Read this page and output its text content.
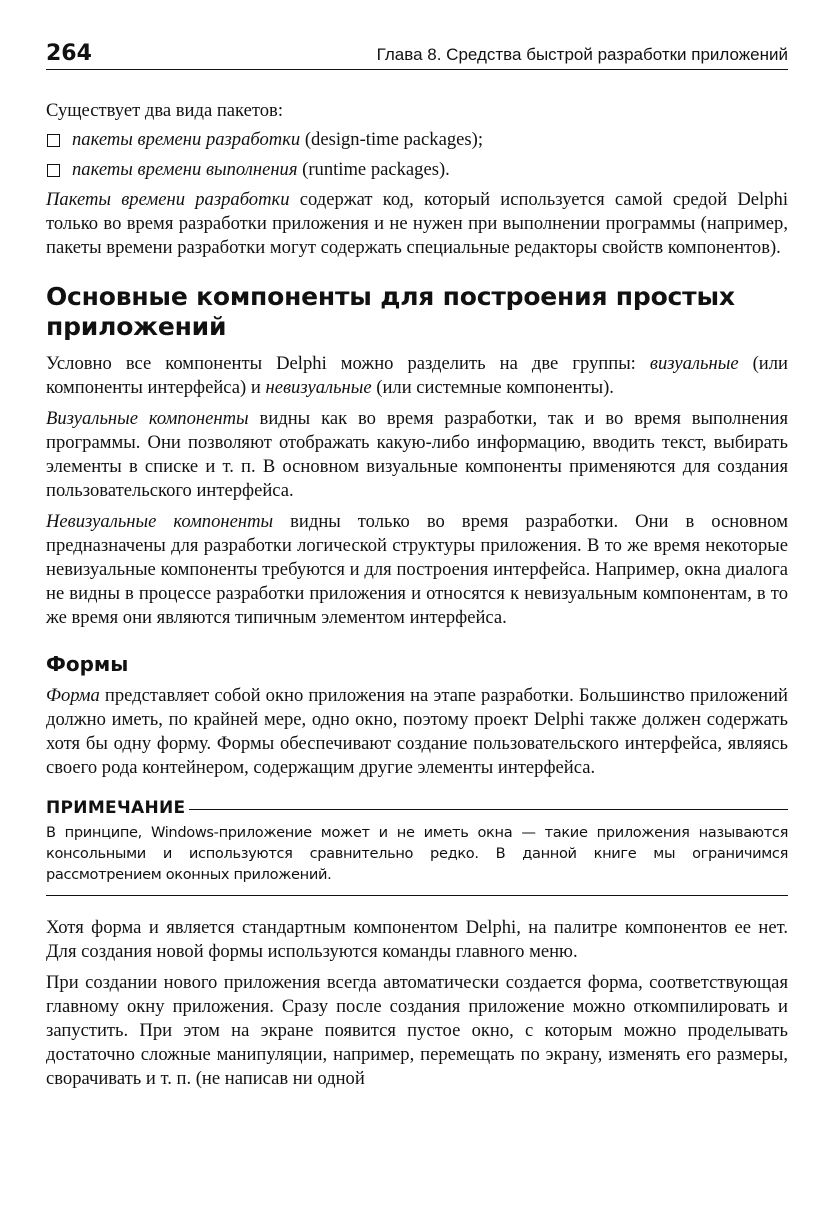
264	Глава 8. Средства быстрой разработки приложений

Существует два вида пакетов:

пакеты времени разработки (design-time packages);
пакеты времени выполнения (runtime packages).

Пакеты времени разработки содержат код, который используется самой средой Delphi только во время разработки приложения и не нужен при выполнении программы (например, пакеты времени разработки могут содержать специальные редакторы свойств компонентов).

Основные компоненты для построения простых приложений

Условно все компоненты Delphi можно разделить на две группы: визуальные (или компоненты интерфейса) и невизуальные (или системные компоненты).

Визуальные компоненты видны как во время разработки, так и во время выполнения программы. Они позволяют отображать какую-либо информацию, вводить текст, выбирать элементы в списке и т. п. В основном визуальные компоненты применяются для создания пользовательского интерфейса.

Невизуальные компоненты видны только во время разработки. Они в основном предназначены для разработки логической структуры приложения. В то же время некоторые невизуальные компоненты требуются и для построения интерфейса. Например, окна диалога не видны в процессе разработки приложения и относятся к невизуальным компонентам, в то же время они являются типичным элементом интерфейса.

Формы

Форма представляет собой окно приложения на этапе разработки. Большинство приложений должно иметь, по крайней мере, одно окно, поэтому проект Delphi также должен содержать хотя бы одну форму. Формы обеспечивают создание пользовательского интерфейса, являясь своего рода контейнером, содержащим другие элементы интерфейса.

ПРИМЕЧАНИЕ
В принципе, Windows-приложение может и не иметь окна — такие приложения называются консольными и используются сравнительно редко. В данной книге мы ограничимся рассмотрением оконных приложений.

Хотя форма и является стандартным компонентом Delphi, на палитре компонентов ее нет. Для создания новой формы используются команды главного меню.

При создании нового приложения всегда автоматически создается форма, соответствующая главному окну приложения. Сразу после создания приложение можно откомпилировать и запустить. При этом на экране появится пустое окно, с которым можно проделывать достаточно сложные манипуляции, например, перемещать по экрану, изменять его размеры, сворачивать и т. п. (не написав ни одной
